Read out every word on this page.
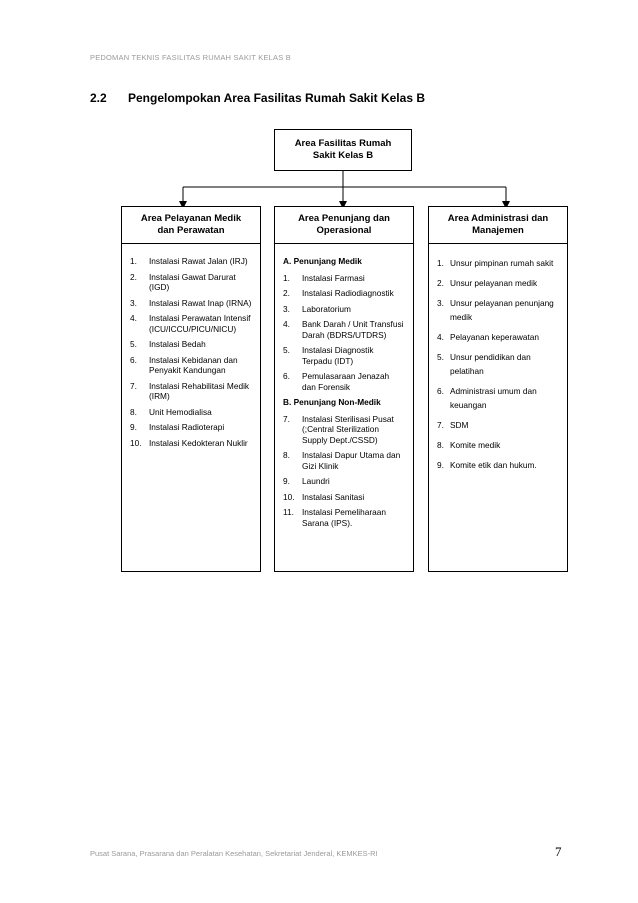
PEDOMAN TEKNIS FASILITAS RUMAH SAKIT KELAS B
2.2 Pengelompokan Area Fasilitas Rumah Sakit Kelas B
Area Fasilitas Rumah Sakit Kelas B
Area Pelayanan Medik dan Perawatan
1.	Instalasi Rawat Jalan (IRJ)
2.	Instalasi Gawat Darurat (IGD)
3.	Instalasi Rawat Inap (IRNA)
4.	Instalasi Perawatan Intensif (ICU/ICCU/PICU/NICU)
5.	Instalasi Bedah
6.	Instalasi Kebidanan dan Penyakit Kandungan
7.	Instalasi Rehabilitasi Medik (IRM)
8.	Unit Hemodialisa
9.	Instalasi Radioterapi
10. Instalasi Kedokteran Nuklir
Area Penunjang dan Operasional
A. Penunjang Medik
1.	Instalasi Farmasi
2.	Instalasi Radiodiagnostik
3.	Laboratorium
4.	Bank Darah / Unit Transfusi Darah (BDRS/UTDRS)
5.	Instalasi Diagnostik Terpadu (IDT)
6.	Pemulasaraan Jenazah dan Forensik
B. Penunjang Non-Medik
7.	Instalasi Sterilisasi Pusat (;Central Sterilization Supply Dept./CSSD)
8.	Instalasi Dapur Utama dan Gizi Klinik
9.	Laundri
10. Instalasi Sanitasi
11. Instalasi Pemeliharaan Sarana (IPS).
Area Administrasi dan Manajemen
1. Unsur pimpinan rumah sakit
2. Unsur pelayanan medik
3. Unsur pelayanan penunjang medik
4. Pelayanan keperawatan
5. Unsur pendidikan dan pelatihan
6. Administrasi umum dan keuangan
7. SDM
8. Komite medik
9. Komite etik dan hukum.
Pusat Sarana, Prasarana dan Peralatan Kesehatan, Sekretariat Jenderal, KEMKES-RI	7
